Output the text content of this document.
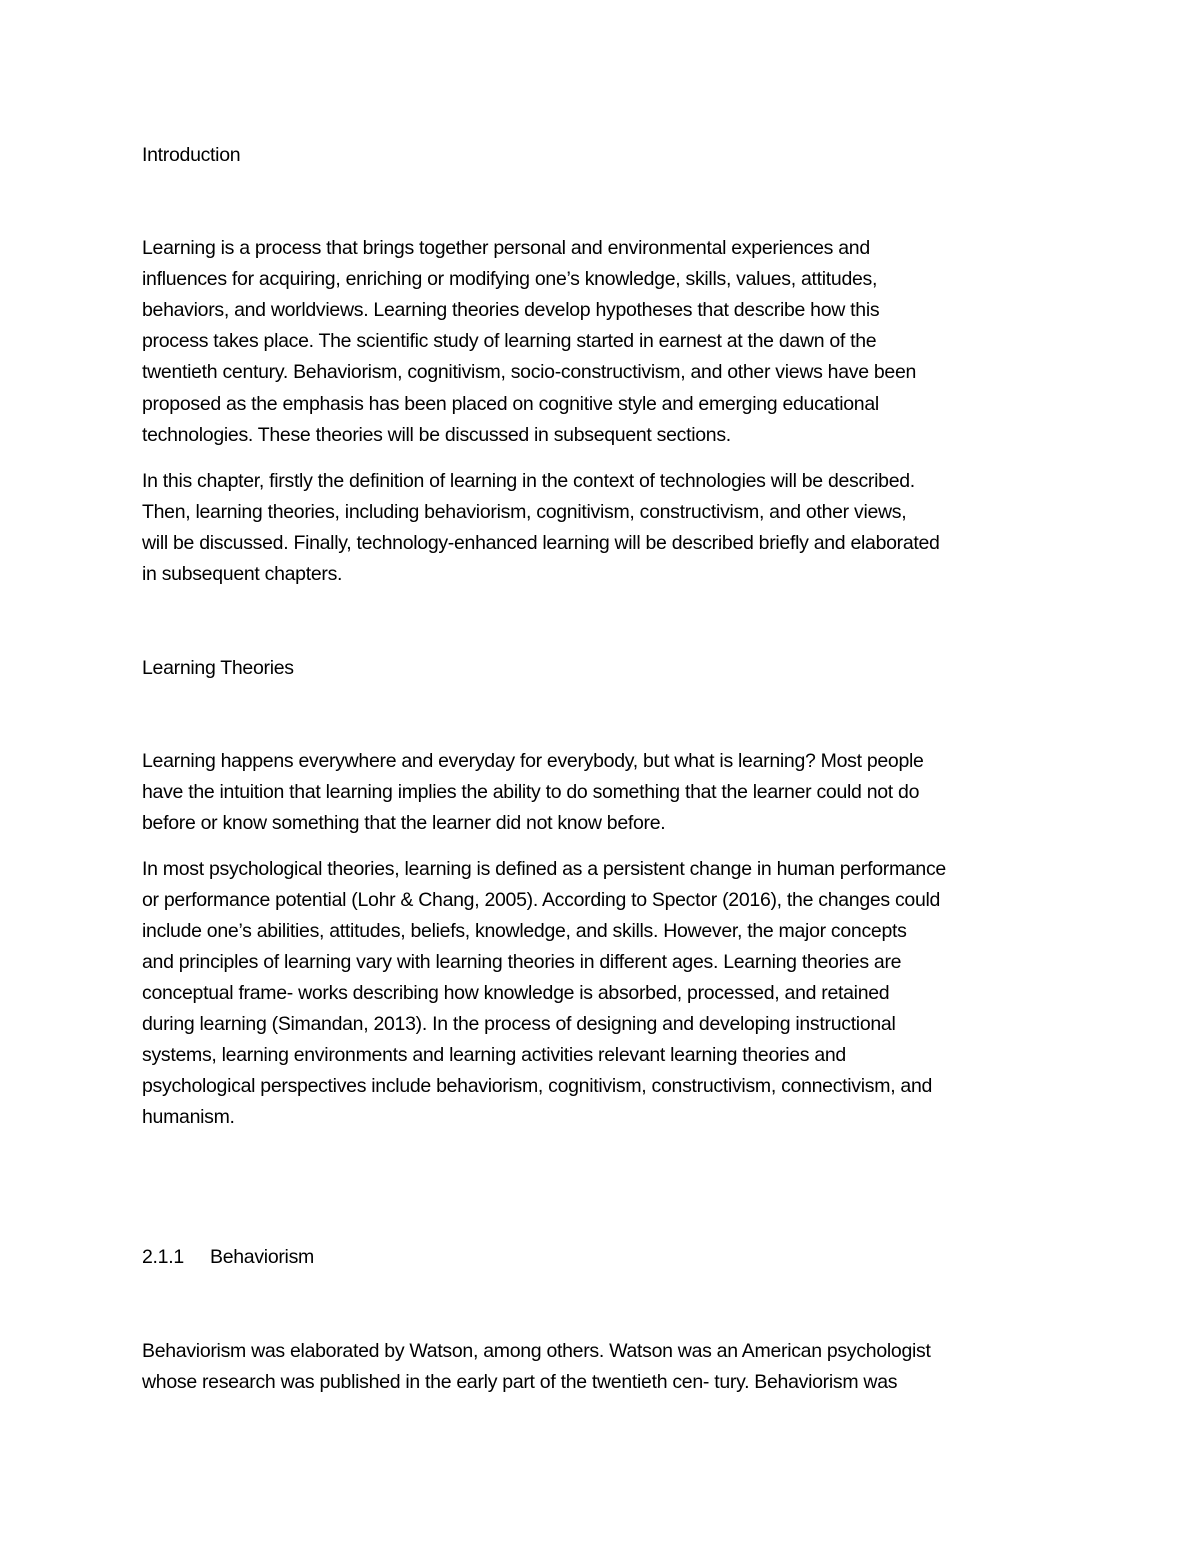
Introduction

Learning is a process that brings together personal and environmental experiences and

influences for acquiring, enriching or modifying one’s knowledge, skills, values, attitudes,

behaviors, and worldviews. Learning theories develop hypotheses that describe how this

process takes place. The scientific study of learning started in earnest at the dawn of the

twentieth century. Behaviorism, cognitivism, socio-constructivism, and other views have been

proposed as the emphasis has been placed on cognitive style and emerging educational

technologies. These theories will be discussed in subsequent sections.

In this chapter, firstly the definition of learning in the context of technologies will be described.

Then, learning theories, including behaviorism, cognitivism, constructivism, and other views,

will be discussed. Finally, technology-enhanced learning will be described briefly and elaborated

in subsequent chapters.

Learning Theories

Learning happens everywhere and everyday for everybody, but what is learning? Most people

have the intuition that learning implies the ability to do something that the learner could not do

before or know something that the learner did not know before.

In most psychological theories, learning is defined as a persistent change in human performance

or performance potential (Lohr & Chang, 2005). According to Spector (2016), the changes could

include one’s abilities, attitudes, beliefs, knowledge, and skills. However, the major concepts

and principles of learning vary with learning theories in different ages. Learning theories are

conceptual frame- works describing how knowledge is absorbed, processed, and retained

during learning (Simandan, 2013). In the process of designing and developing instructional

systems, learning environments and learning activities relevant learning theories and

psychological perspectives include behaviorism, cognitivism, constructivism, connectivism, and

humanism.

2.1.1 Behaviorism

Behaviorism was elaborated by Watson, among others. Watson was an American psychologist

whose research was published in the early part of the twentieth cen- tury. Behaviorism was
